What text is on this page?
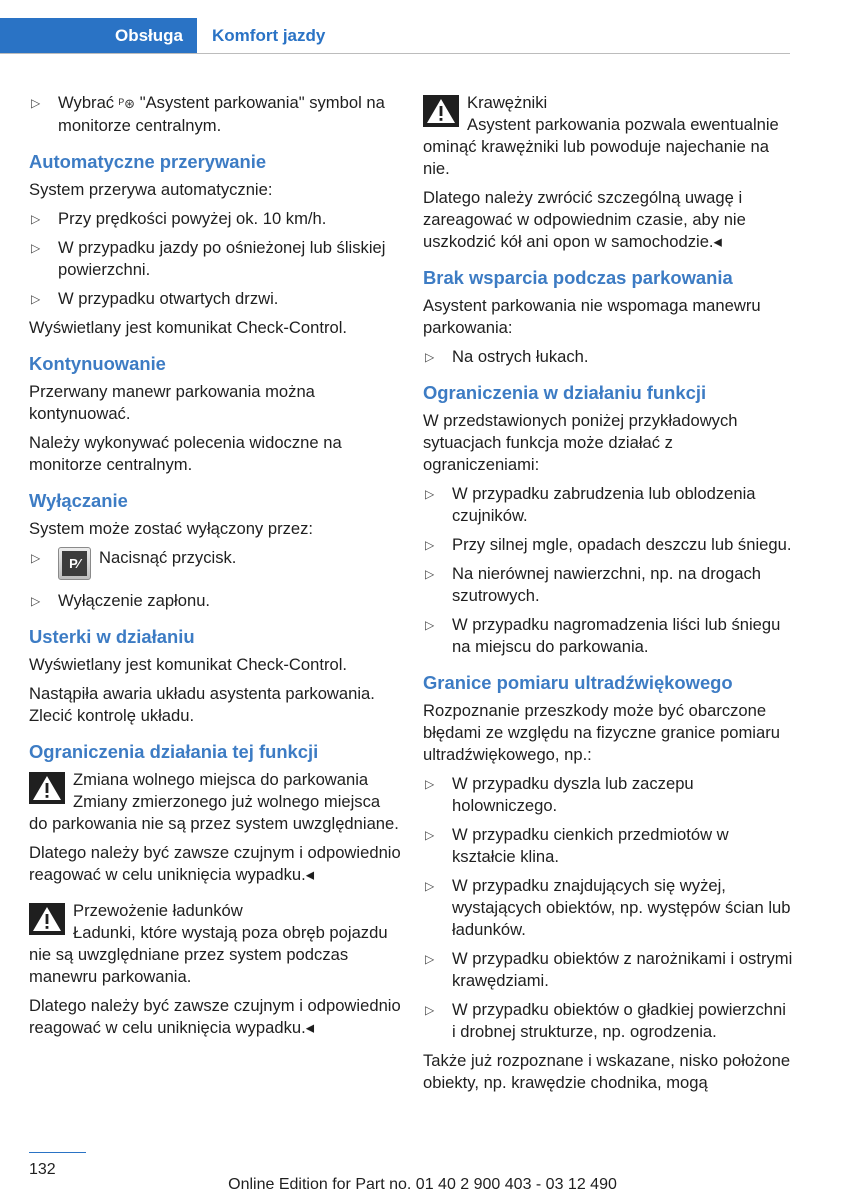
Obsługa	Komfort jazdy
▷ Wybrać ᴾ⊛ "Asystent parkowania" symbol na monitorze centralnym.
Automatyczne przerywanie

System przerywa automatycznie:

▷ Przy prędkości powyżej ok. 10 km/h.
▷ W przypadku jazdy po ośnieżonej lub śliskiej powierzchni.
▷ W przypadku otwartych drzwi.

Wyświetlany jest komunikat Check-Control.

Kontynuowanie

Przerwany manewr parkowania można kontynuować.

Należy wykonywać polecenia widoczne na monitorze centralnym.

Wyłączanie

System może zostać wyłączony przez:

▷	P⁄	Nacisnąć przycisk.
▷ Wyłączenie zapłonu.
Usterki w działaniu

Wyświetlany jest komunikat Check-Control.

Nastąpiła awaria układu asystenta parkowania. Zlecić kontrolę układu.

Ograniczenia działania tej funkcji
Zmiana wolnego miejsca do parkowania
Zmiany zmierzonego już wolnego miejsca do parkowania nie są przez system uwzględniane.

Dlatego należy być zawsze czujnym i odpowiednio reagować w celu uniknięcia wypadku.◂

Przewożenie ładunków
Ładunki, które wystają poza obręb pojazdu nie są uwzględniane przez system podczas manewru parkowania.

Dlatego należy być zawsze czujnym i odpowiednio reagować w celu uniknięcia wypadku.◂

Krawężniki
Asystent parkowania pozwala ewentualnie ominąć krawężniki lub powoduje najechanie na nie.

Dlatego należy zwrócić szczególną uwagę i zareagować w odpowiednim czasie, aby nie uszkodzić kół ani opon w samochodzie.◂

Brak wsparcia podczas parkowania

Asystent parkowania nie wspomaga manewru parkowania:

▷ Na ostrych łukach.
Ograniczenia w działaniu funkcji

W przedstawionych poniżej przykładowych sytuacjach funkcja może działać z ograniczeniami:

▷ W przypadku zabrudzenia lub oblodzenia czujników.
▷ Przy silnej mgle, opadach deszczu lub śniegu.
▷ Na nierównej nawierzchni, np. na drogach szutrowych.
▷ W przypadku nagromadzenia liści lub śniegu na miejscu do parkowania.
Granice pomiaru ultradźwiękowego

Rozpoznanie przeszkody może być obarczone błędami ze względu na fizyczne granice pomiaru ultradźwiękowego, np.:

▷ W przypadku dyszla lub zaczepu holowniczego.
▷ W przypadku cienkich przedmiotów w kształcie klina.
▷ W przypadku znajdujących się wyżej, wystających obiektów, np. występów ścian lub ładunków.
▷ W przypadku obiektów z narożnikami i ostrymi krawędziami.
▷ W przypadku obiektów o gładkiej powierzchni i drobnej strukturze, np. ogrodzenia.

Także już rozpoznane i wskazane, nisko położone obiekty, np. krawędzie chodnika, mogą

132
Online Edition for Part no. 01 40 2 900 403 - 03 12 490
